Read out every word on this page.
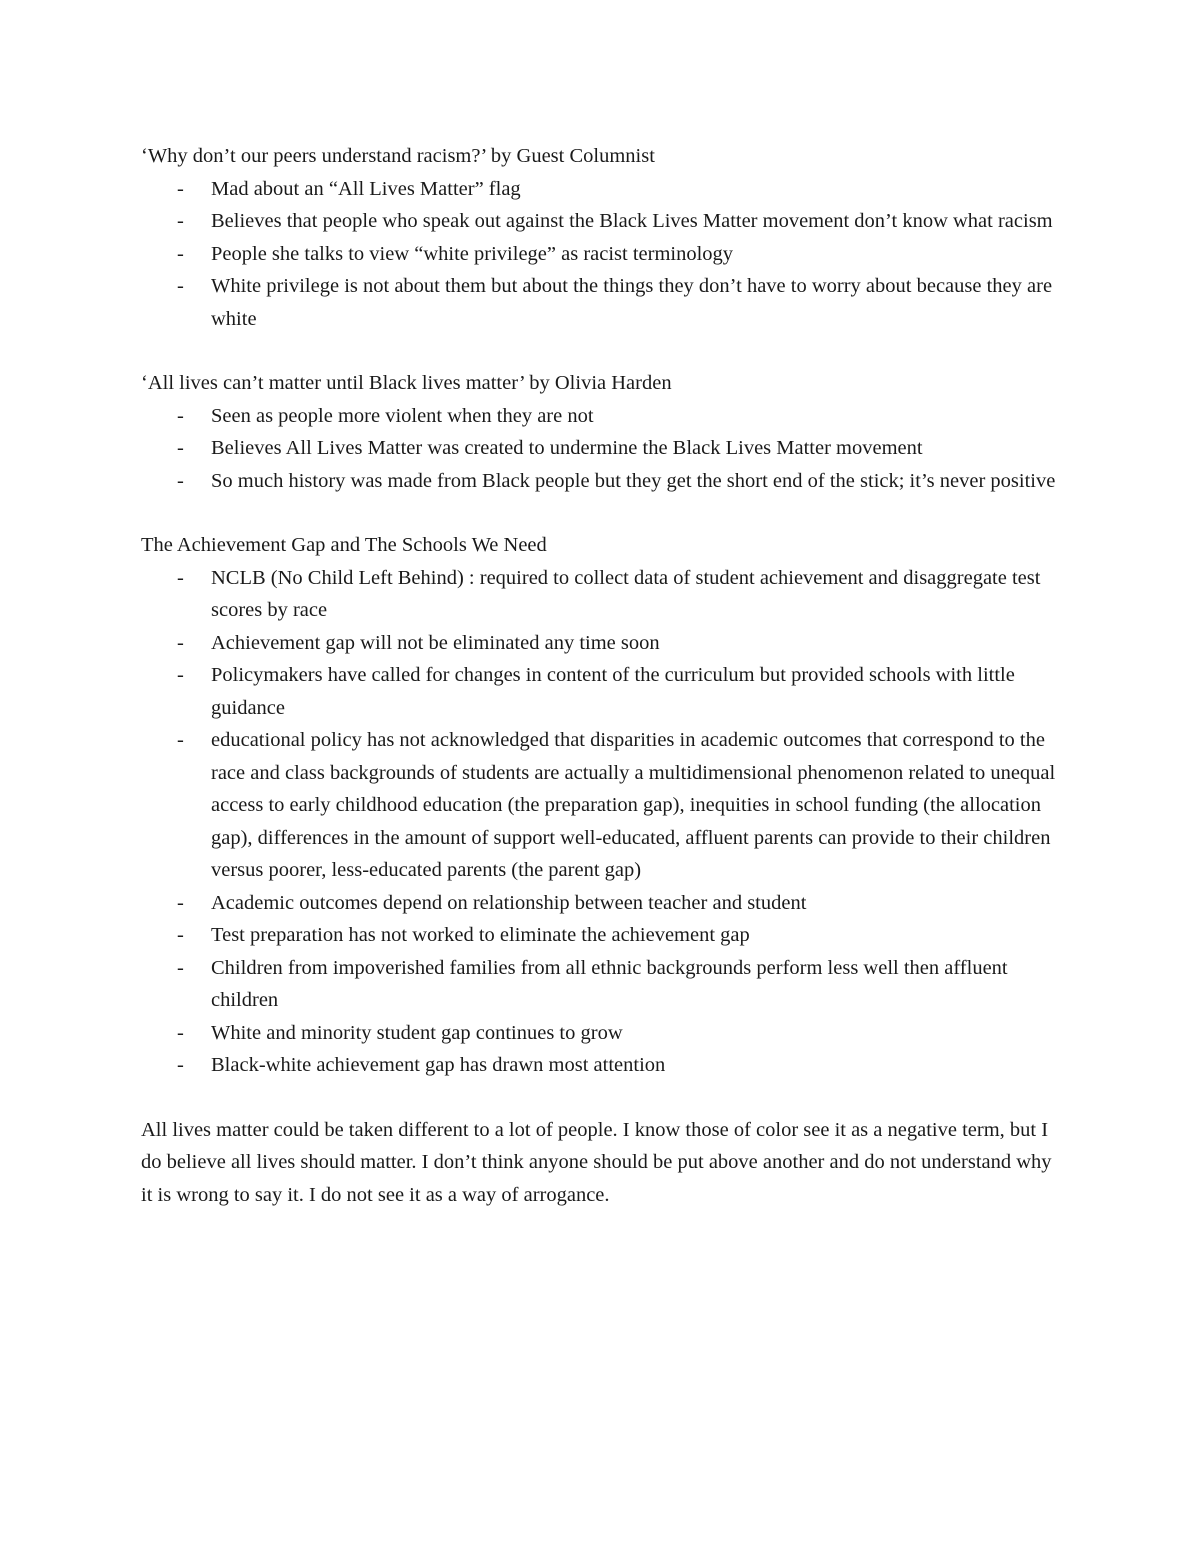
‘Why don’t our peers understand racism?’ by Guest Columnist

- Mad about an “All Lives Matter” flag
- Believes that people who speak out against the Black Lives Matter movement don’t know what racism
- People she talks to view “white privilege” as racist terminology
- White privilege is not about them but about the things they don’t have to worry about because they are white

‘All lives can’t matter until Black lives matter’ by Olivia Harden

- Seen as people more violent when they are not
- Believes All Lives Matter was created to undermine the Black Lives Matter movement
- So much history was made from Black people but they get the short end of the stick; it’s never positive

The Achievement Gap and The Schools We Need

- NCLB (No Child Left Behind) : required to collect data of student achievement and disaggregate test scores by race
- Achievement gap will not be eliminated any time soon
- Policymakers have called for changes in content of the curriculum but provided schools with little guidance
- educational policy has not acknowledged that disparities in academic outcomes that correspond to the race and class backgrounds of students are actually a multidimensional phenomenon related to unequal access to early childhood education (the preparation gap), inequities in school funding (the allocation gap), differences in the amount of support well-educated, affluent parents can provide to their children versus poorer, less-educated parents (the parent gap)
- Academic outcomes depend on relationship between teacher and student
- Test preparation has not worked to eliminate the achievement gap
- Children from impoverished families from all ethnic backgrounds perform less well then affluent children
- White and minority student gap continues to grow
- Black-white achievement gap has drawn most attention

All lives matter could be taken different to a lot of people. I know those of color see it as a negative term, but I do believe all lives should matter. I don’t think anyone should be put above another and do not understand why it is wrong to say it. I do not see it as a way of arrogance.
